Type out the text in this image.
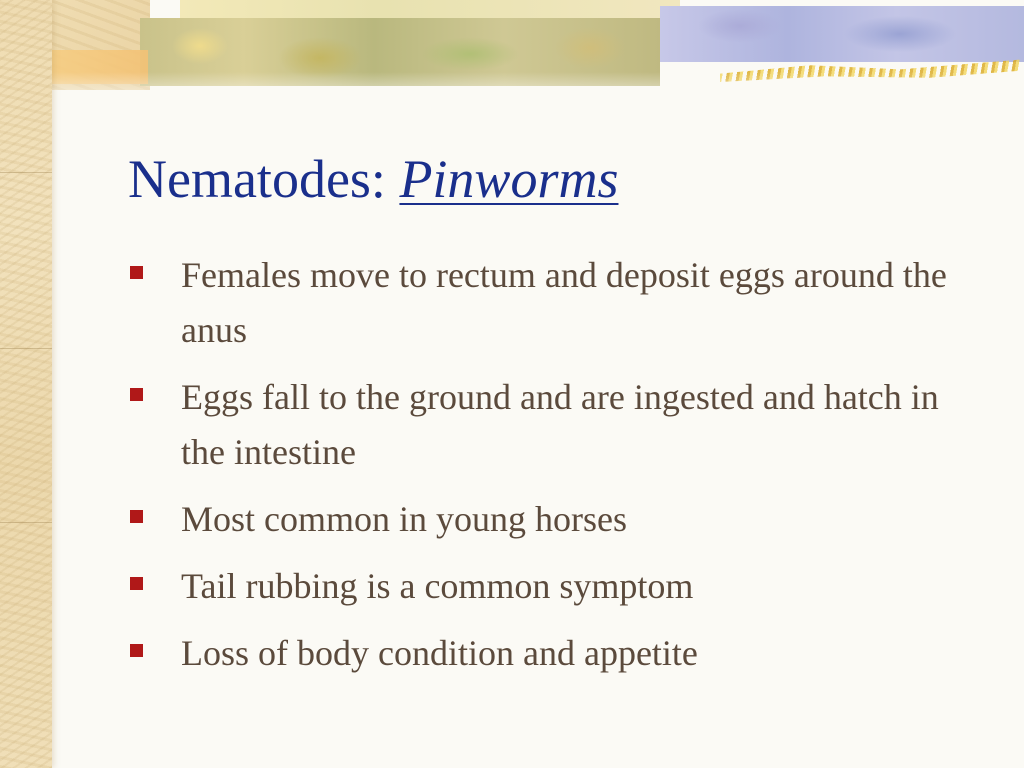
Nematodes: Pinworms
Females move to rectum and deposit eggs around the anus
Eggs fall to the ground and are ingested and hatch in the intestine
Most common in young horses
Tail rubbing is a common symptom
Loss of body condition and appetite
